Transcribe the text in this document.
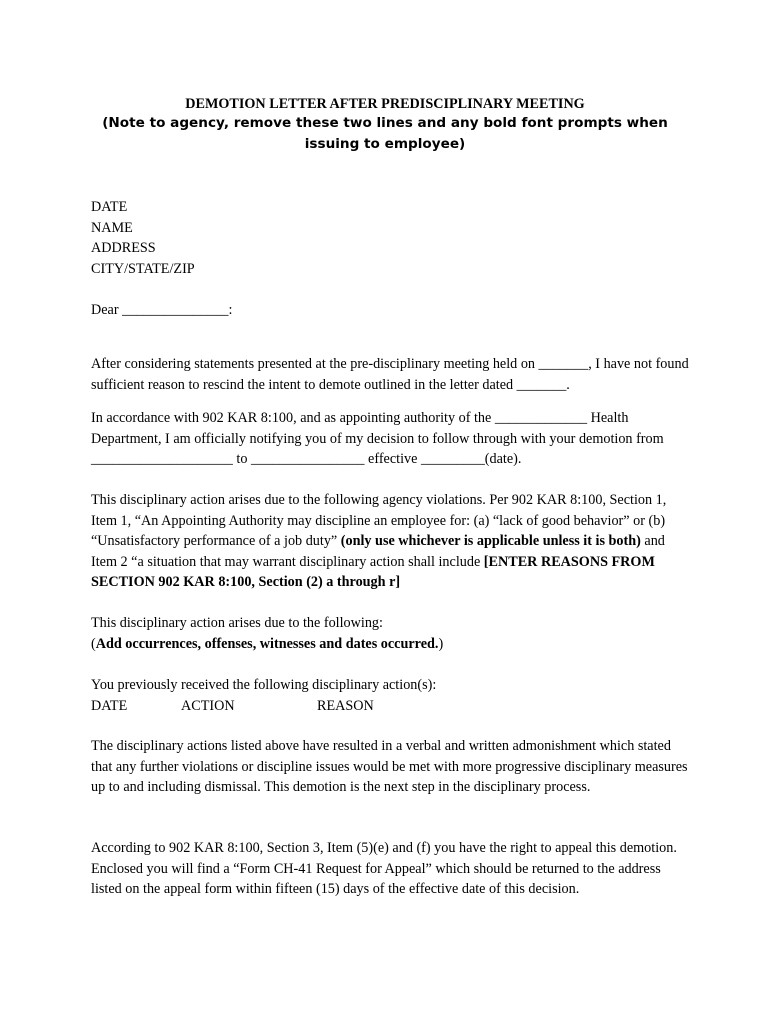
DEMOTION LETTER AFTER PREDISCIPLINARY MEETING
(Note to agency, remove these two lines and any bold font prompts when
issuing to employee)
DATE
NAME
ADDRESS
CITY/STATE/ZIP
Dear _______________:
After considering statements presented at the pre-disciplinary meeting held on _______, I have not found sufficient reason to rescind the intent to demote outlined in the letter dated _______.
In accordance with 902 KAR 8:100, and as appointing authority of the _____________ Health Department, I am officially notifying you of my decision to follow through with your demotion from ____________________ to ________________ effective _________(date).
This disciplinary action arises due to the following agency violations. Per 902 KAR 8:100, Section 1, Item 1, “An Appointing Authority may discipline an employee for: (a) “lack of good behavior” or (b) “Unsatisfactory performance of a job duty” (only use whichever is applicable unless it is both) and Item 2 “a situation that may warrant disciplinary action shall include [ENTER REASONS FROM SECTION 902 KAR 8:100, Section (2) a through r]
This disciplinary action arises due to the following:
(Add occurrences, offenses, witnesses and dates occurred.)
You previously received the following disciplinary action(s):
DATE	ACTION	REASON
The disciplinary actions listed above have resulted in a verbal and written admonishment which stated that any further violations or discipline issues would be met with more progressive disciplinary measures up to and including dismissal. This demotion is the next step in the disciplinary process.
According to 902 KAR 8:100, Section 3, Item (5)(e) and (f) you have the right to appeal this demotion. Enclosed you will find a “Form CH-41 Request for Appeal” which should be returned to the address listed on the appeal form within fifteen (15) days of the effective date of this decision.
